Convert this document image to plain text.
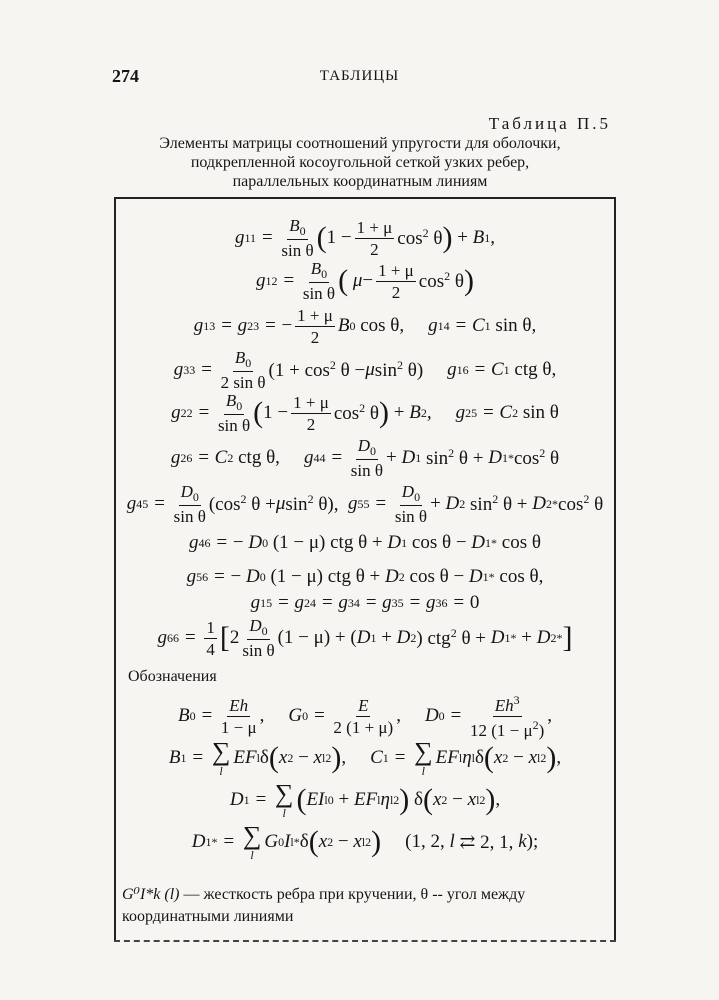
274	ТАБЛИЦЫ
Таблица П.5
Элементы матрицы соотношений упругости для оболочки,
подкрепленной косоугольной сеткой узких ребер,
параллельных координатным линиям
g $11 = \frac{B_0}{\text{sin θ}}$ ( $1 - \frac{1 + \mu}{2} \cos^2 \theta$ )
+ B 1 ,
g $12 = \frac{B_0}{\text{sin θ}}$ ( $\mu - \frac{1 + \mu}{2} \cos^2 \theta$ )
g 13 = g 23 = − $\frac{1 + \mu}{2}$ B 0
cos θ, g 14 = C 1
sin θ,
g $33 = \frac{B_0}{\text{2 sin θ}} (1 + \cos^2 \theta - \mu$ $\sin^2 \theta$) g 16 = C 1
ctg θ,
g $22 = \frac{B_0}{\text{sin θ}}$ ( $1 - \frac{1 + \mu}{2} \cos^2 \theta$ )
+ B 2 , g 25 = C 2
sin θ
g 26 = C 2
ctg θ, g $44 = \frac{D_0}{\text{sin θ}} + D$ 1
$\sin^2 \theta + D$ $1 * \cos^2 \theta$
g $45 = \frac{D_0}{\text{sin θ}} (\cos^2$ θ + μ $\sin^2 \theta$), g $55 = \frac{D_0}{\text{sin θ}} + D$ 2
$\sin^2 \theta + D$ $2 * \cos^2 \theta$
g 46 = − D 0
(1 − μ) ctg θ + D 1
cos θ − D 1 *
cos θ
g 56 = − D 0
(1 − μ) ctg θ + D 2
cos θ − D 1 *
cos θ,
g 15 = g 24 = g 34 = g 35 = g 36 = 0
g $66 = \frac{1}{4}$ [ $2 \frac{D_0}{\text{sin θ}} (1 - \mu)$ + ( D 1
+ D 2 ) ctg$^2$ θ + D 1 *
+ D 2 * ]
Обозначения
B $0 = \frac{Eh}{1 - \mu}$ , G $0 = \frac{E}{2 (1 + \mu)}$ , D $0 = \frac{Eh^3}{12 (1 - \mu^2)}$ ,
B 1 = ∑
l
EF l δ ( x 2
− x l 2 ) , C 1 = ∑
l
EF l η l δ ( x 2
− x l 2 ) ,
D 1 = ∑
l ( EI l 0
+ EF l η l 2 )
δ ( x 2
− x l 2 ) ,
D 1 * = ∑
l
G 0 I l * δ ( x 2
− x l 2 ) (1, 2, l ⇄ 2, 1, k );
G⁰I*k (l) — жесткость ребра при кручении, θ -- угол между координатными линиями
